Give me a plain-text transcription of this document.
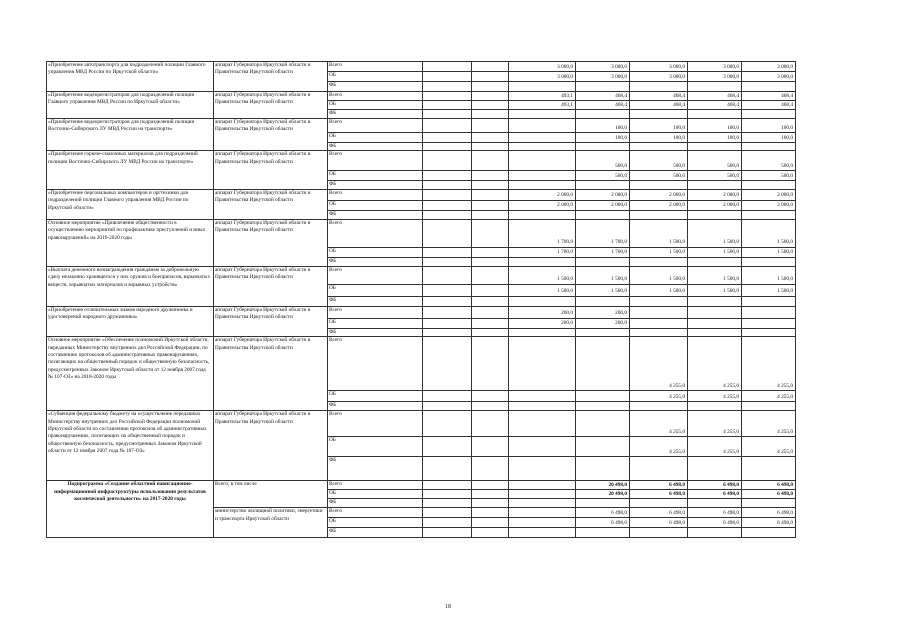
«Приобретение автотранспорта для подразделений полиции Главного управления МВД России по Иркутской области»	аппарат Губернатора Иркутской области и Правительства Иркутской области	Всего			3 000,0	3 000,0	3 000,0	3 000,0	3 000,0
		ОБ			3 000,0	3 000,0	3 000,0	3 000,0	3 000,0
		ФБ							
«Приобретение видеорегистраторов для подразделений полиции Главного управления МВД России по Иркутской области»	аппарат Губернатора Иркутской области и Правительства Иркутской области	Всего			493,1	468,4	468,4	468,4	468,4
		ОБ			493,1	468,4	468,4	468,4	468,4
		ФБ							
«Приобретение видеорегистраторов для подразделений полиции Восточно-Сибирского ЛУ МВД России на транспорте»	аппарат Губернатора Иркутской области и Правительства Иркутской области	Всего				100,0	100,0	100,0	100,0
		ОБ				100,0	100,0	100,0	100,0
		ФБ							
«Приобретение горюче-смазочных материалов для подразделений полиции Восточно-Сибирского ЛУ МВД России на транспорте»	аппарат Губернатора Иркутской области и Правительства Иркутской области	Всего				500,0	500,0	500,0	500,0
		ОБ				500,0	500,0	500,0	500,0
		ФБ							
«Приобретение персональных компьютеров и оргтехники для подразделений полиции Главного управления МВД России по Иркутской области»	аппарат Губернатора Иркутской области и Правительства Иркутской области	Всего			2 000,0	2 000,0	2 000,0	2 000,0	2 000,0
		ОБ			2 000,0	2 000,0	2 000,0	2 000,0	2 000,0
		ФБ							
Основное мероприятие «Привлечение общественности к осуществлению мероприятий по профилактике преступлений и иных правонарушений» на 2016-2020 годы	аппарат Губернатора Иркутской области и Правительства Иркутской области	Всего			1 700,0	1 700,0	1 500,0	1 500,0	1 500,0
		ОБ			1 700,0	1 700,0	1 500,0	1 500,0	1 500,0
		ФБ							
«Выплата денежного вознаграждения гражданам за добровольную сдачу незаконно хранящегося у них оружия и боеприпасов, взрывчатых веществ, взрывчатых материалов и взрывных устройств»	аппарат Губернатора Иркутской области и Правительства Иркутской области	Всего			1 500,0	1 500,0	1 500,0	1 500,0	1 500,0
		ОБ			1 500,0	1 500,0	1 500,0	1 500,0	1 500,0
		ФБ							
«Приобретение отличительных знаков народного дружинника и удостоверений народного дружинника»	аппарат Губернатора Иркутской области и Правительства Иркутской области	Всего			200,0	200,0			
		ОБ			200,0	200,0			
		ФБ							
Основное мероприятие «Обеспечение полномочий Иркутской области, переданных Министерству внутренних дел Российской Федерации, по составлению протоколов об административных правонарушениях, посягающих на общественный порядок и общественную безопасность, предусмотренных Законом Иркутской области от 12 ноября 2007 года № 107-ОЗ» на 2018-2020 годы	аппарат Губернатора Иркутской области и Правительства Иркутской области	Всего					4 255,0	4 255,0	4 255,0
		ОБ					4 255,0	4 255,0	4 255,0
		ФБ							
«Субвенция федеральному бюджету на осуществление переданных Министерству внутренних дел Российской Федерации полномочий Иркутской области по составлению протоколов об административных правонарушениях, посягающих на общественный порядок и общественную безопасность, предусмотренных Законом Иркутской области от 12 ноября 2007 года № 107-ОЗ»	аппарат Губернатора Иркутской области и Правительства Иркутской области	Всего					4 255,0	4 255,0	4 255,0
		ОБ					4 255,0	4 255,0	4 255,0
		ФБ							
Подпрограмма «Создание областной навигационно-информационной инфраструктуры использования результатов космической деятельности» на 2017-2020 годы	Всего, в том числе	Всего				20 498,0	6 498,0	6 498,0	6 498,0
		ОБ				20 498,0	6 498,0	6 498,0	6 498,0
		ФБ							
	министерство жилищной политики, энергетики и транспорта Иркутской области	Всего				6 498,0	6 498,0	6 498,0	6 498,0
		ОБ				6 498,0	6 498,0	6 498,0	6 498,0
		ФБ							
18
